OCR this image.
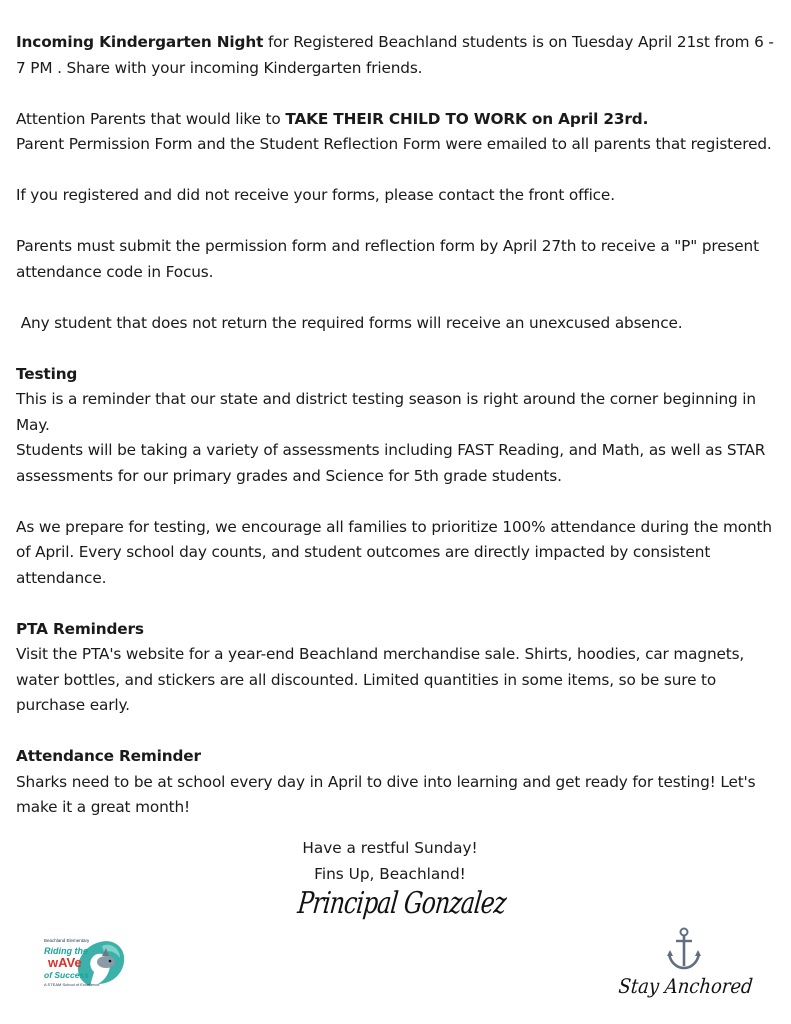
Incoming Kindergarten Night for Registered Beachland students is on Tuesday April 21st from 6 - 7 PM . Share with your incoming Kindergarten friends.

Attention Parents that would like to TAKE THEIR CHILD TO WORK on April 23rd.
Parent Permission Form and the Student Reflection Form were emailed to all parents that registered.

If you registered and did not receive your forms, please contact the front office.

Parents must submit the permission form and reflection form by April 27th to receive a "P" present attendance code in Focus.

Any student that does not return the required forms will receive an unexcused absence.

Testing
This is a reminder that our state and district testing season is right around the corner beginning in May.
Students will be taking a variety of assessments including FAST Reading, and Math, as well as STAR assessments for our primary grades and Science for 5th grade students.

As we prepare for testing, we encourage all families to prioritize 100% attendance during the month of April. Every school day counts, and student outcomes are directly impacted by consistent attendance.

PTA Reminders
Visit the PTA's website for a year-end Beachland merchandise sale. Shirts, hoodies, car magnets, water bottles, and stickers are all discounted. Limited quantities in some items, so be sure to purchase early.

Attendance Reminder
Sharks need to be at school every day in April to dive into learning and get ready for testing! Let's make it a great month!

Have a restful Sunday!
Fins Up, Beachland!
Principal Gonzalez
Beachland Elementary
Riding the
wAVe
of Success
A STEAM School of Excellence	Stay Anchored
